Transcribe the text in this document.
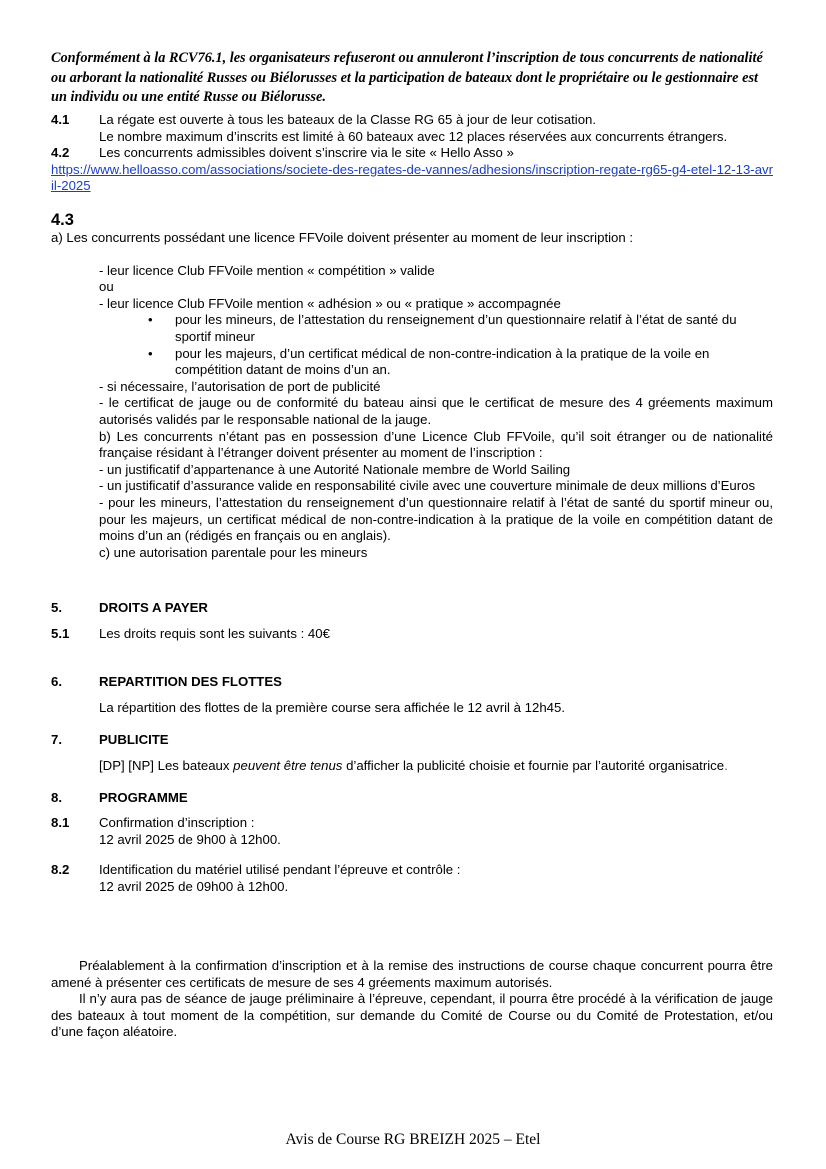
Conformément à la RCV76.1, les organisateurs refuseront ou annuleront l’inscription de tous concurrents de nationalité ou arborant la nationalité Russes ou Biélorusses et la participation de bateaux dont le propriétaire ou le gestionnaire est un individu ou une entité Russe ou Biélorusse.

4.1 La régate est ouverte à tous les bateaux de la Classe RG 65 à jour de leur cotisation.
Le nombre maximum d’inscrits est limité à 60 bateaux avec 12 places réservées aux concurrents étrangers.
4.2 Les concurrents admissibles doivent s’inscrire via le site « Hello Asso »
https://www.helloasso.com/associations/societe-des-regates-de-vannes/adhesions/inscription-regate-rg65-g4-etel-12-13-avril-2025
4.3
a) Les concurrents possédant une licence FFVoile doivent présenter au moment de leur inscription :
- leur licence Club FFVoile mention « compétition » valide
ou
- leur licence Club FFVoile mention « adhésion » ou « pratique » accompagnée
• pour les mineurs, de l’attestation du renseignement d’un questionnaire relatif à l’état de santé du sportif mineur
• pour les majeurs, d’un certificat médical de non-contre-indication à la pratique de la voile en compétition datant de moins d’un an.
- si nécessaire, l’autorisation de port de publicité
- le certificat de jauge ou de conformité du bateau ainsi que le certificat de mesure des 4 gréements maximum autorisés validés par le responsable national de la jauge.
b) Les concurrents n’étant pas en possession d’une Licence Club FFVoile, qu’il soit étranger ou de nationalité française résidant à l’étranger doivent présenter au moment de l’inscription :
- un justificatif d’appartenance à une Autorité Nationale membre de World Sailing
- un justificatif d’assurance valide en responsabilité civile avec une couverture minimale de deux millions d’Euros
- pour les mineurs, l’attestation du renseignement d’un questionnaire relatif à l’état de santé du sportif mineur ou, pour les majeurs, un certificat médical de non-contre-indication à la pratique de la voile en compétition datant de moins d’un an (rédigés en français ou en anglais).
c) une autorisation parentale pour les mineurs
5.	DROITS A PAYER
5.1 Les droits requis sont les suivants : 40€
6.	REPARTITION DES FLOTTES
La répartition des flottes de la première course sera affichée le 12 avril à 12h45.
7.	PUBLICITE
[DP] [NP] Les bateaux peuvent être tenus d’afficher la publicité choisie et fournie par l’autorité organisatrice.
8.	PROGRAMME
8.1 Confirmation d’inscription :
12 avril 2025 de 9h00 à 12h00.
8.2 Identification du matériel utilisé pendant l’épreuve et contrôle :
12 avril 2025 de 09h00 à 12h00.
Préalablement à la confirmation d’inscription et à la remise des instructions de course chaque concurrent pourra être amené à présenter ces certificats de mesure de ses 4 gréements maximum autorisés.
Il n’y aura pas de séance de jauge préliminaire à l’épreuve, cependant, il pourra être procédé à la vérification de jauge des bateaux à tout moment de la compétition, sur demande du Comité de Course ou du Comité de Protestation, et/ou d’une façon aléatoire.
Avis de Course RG BREIZH 2025 – Etel
